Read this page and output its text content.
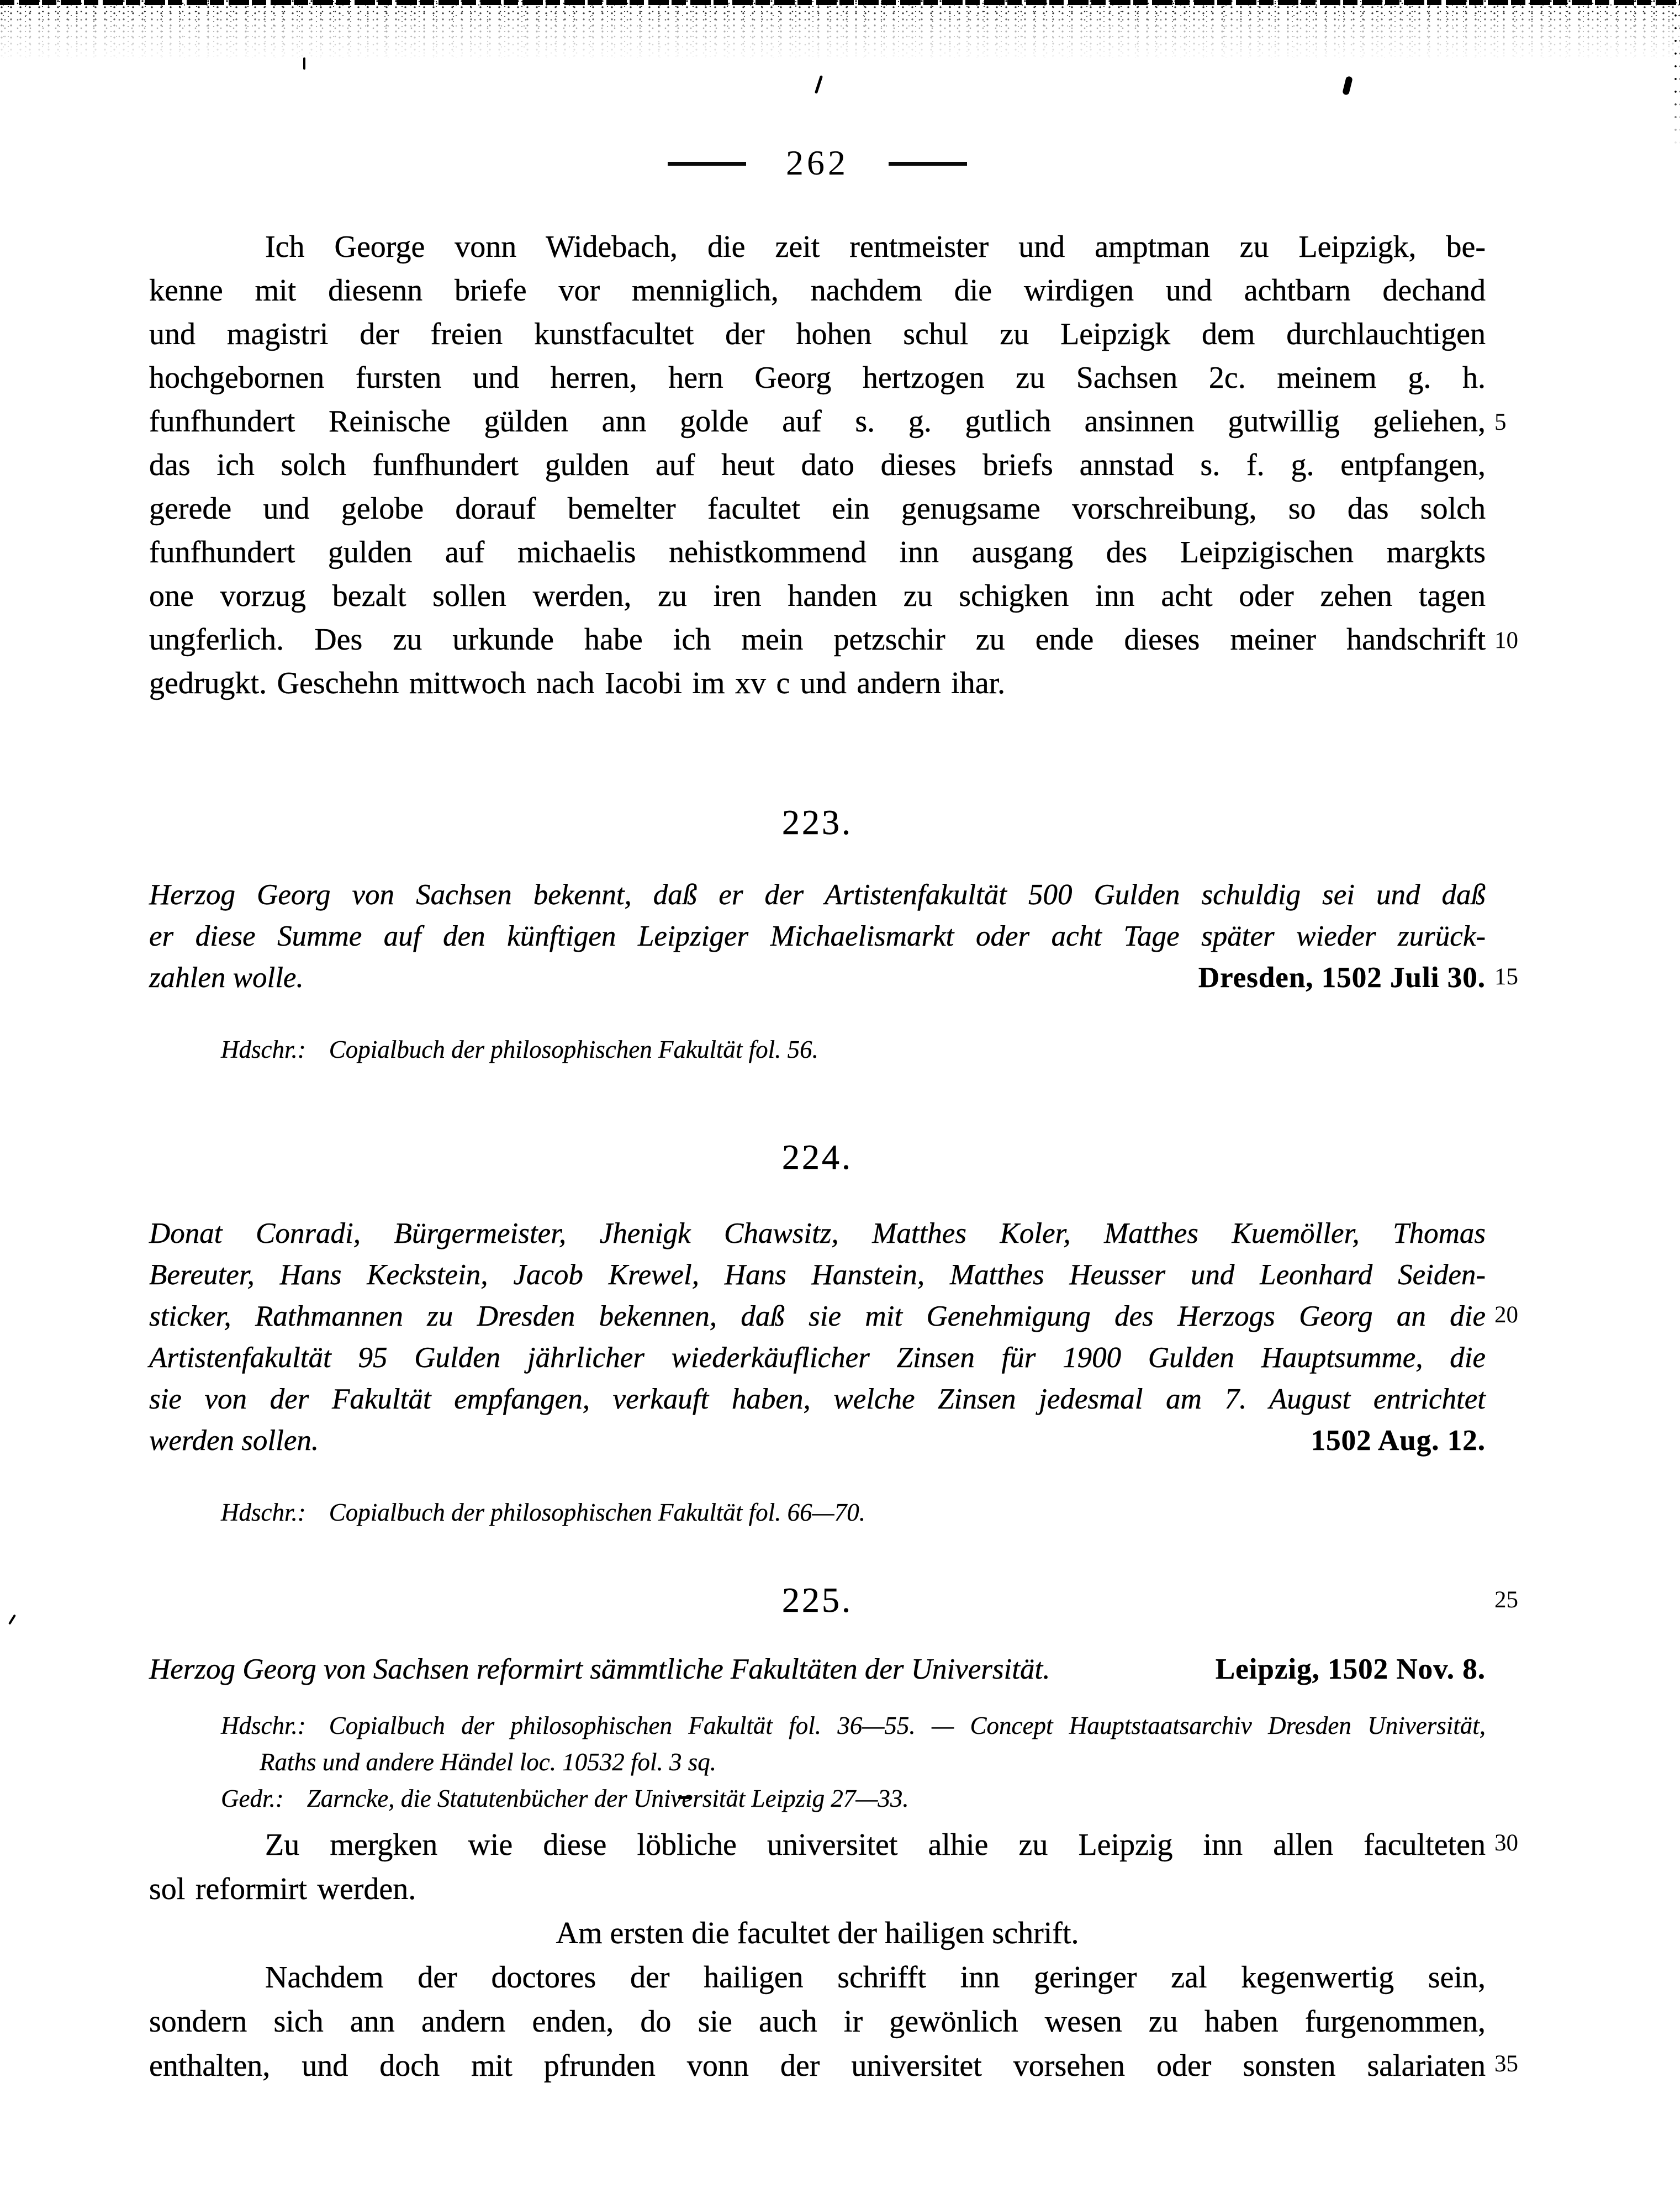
262
Ich George vonn Widebach, die zeit rentmeister und amptman zu Leipzigk, be-
kenne mit diesenn briefe vor menniglich, nachdem die wirdigen und achtbarn dechand
und magistri der freien kunstfacultet der hohen schul zu Leipzigk dem durchlauchtigen
hochgebornen fursten und herren, hern Georg hertzogen zu Sachsen 2c. meinem g. h.
funfhundert Reinische gülden ann golde auf s. g. gutlich ansinnen gutwillig geliehen,
das ich solch funfhundert gulden auf heut dato dieses briefs annstad s. f. g. entpfangen,
gerede und gelobe dorauf bemelter facultet ein genugsame vorschreibung, so das solch
funfhundert gulden auf michaelis nehistkommend inn ausgang des Leipzigischen margkts
one vorzug bezalt sollen werden, zu iren handen zu schigken inn acht oder zehen tagen
ungferlich. Des zu urkunde habe ich mein petzschir zu ende dieses meiner handschrift
gedrugkt. Geschehn mittwoch nach Iacobi im xv c und andern ihar.
223.
Herzog Georg von Sachsen bekennt, daß er der Artistenfakultät 500 Gulden schuldig sei und daß
er diese Summe auf den künftigen Leipziger Michaelismarkt oder acht Tage später wieder zurück-
zahlen wolle.	Dresden, 1502 Juli 30.
Hdschr.: Copialbuch der philosophischen Fakultät fol. 56.
224.
Donat Conradi, Bürgermeister, Jhenigk Chawsitz, Matthes Koler, Matthes Kuemöller, Thomas
Bereuter, Hans Keckstein, Jacob Krewel, Hans Hanstein, Matthes Heusser und Leonhard Seiden-
sticker, Rathmannen zu Dresden bekennen, daß sie mit Genehmigung des Herzogs Georg an die
Artistenfakultät 95 Gulden jährlicher wiederkäuflicher Zinsen für 1900 Gulden Hauptsumme, die
sie von der Fakultät empfangen, verkauft haben, welche Zinsen jedesmal am 7. August entrichtet
werden sollen.	1502 Aug. 12.
Hdschr.: Copialbuch der philosophischen Fakultät fol. 66—70.
225.
Herzog Georg von Sachsen reformirt sämmtliche Fakultäten der Universität.	Leipzig, 1502 Nov. 8.
Hdschr.: Copialbuch der philosophischen Fakultät fol. 36—55. — Concept Hauptstaatsarchiv Dresden Universität,
Raths und andere Händel loc. 10532 fol. 3 sq.
Gedr.: Zarncke, die Statutenbücher der Universität Leipzig 27—33.
Zu mergken wie diese löbliche universitet alhie zu Leipzig inn allen faculteten
sol reformirt werden.
Am ersten die facultet der hailigen schrift.
Nachdem der doctores der hailigen schrifft inn geringer zal kegenwertig sein,
sondern sich ann andern enden, do sie auch ir gewönlich wesen zu haben furgenommen,
enthalten, und doch mit pfrunden vonn der universitet vorsehen oder sonsten salariaten
5
10
15
20
25
30
35
